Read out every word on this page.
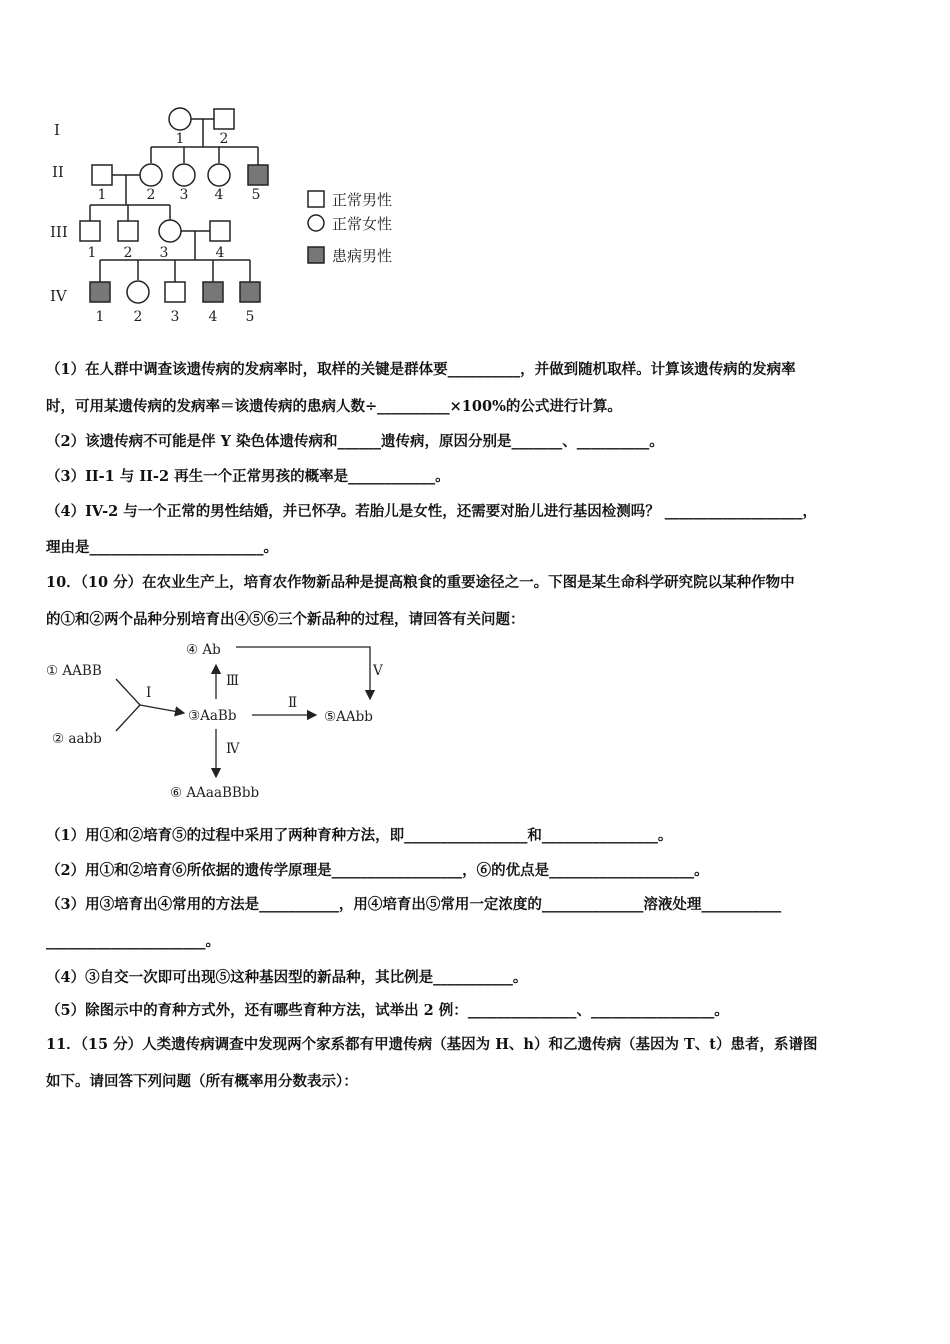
I
II
III
IV
1	2
1	2 3 4 5
1 2 3	4
1 2 3 4 5
正常男性
正常女性
患病男性
（1）在人群中调查该遗传病的发病率时，取样的关键是群体要__________，并做到随机取样。计算该遗传病的发病率
时，可用某遗传病的发病率＝该遗传病的患病人数÷__________×100%的公式进行计算。
（2）该遗传病不可能是伴 Y 染色体遗传病和______遗传病，原因分别是_______、__________。
（3）II-1 与 II-2 再生一个正常男孩的概率是____________。
（4）IV-2 与一个正常的男性结婚，并已怀孕。若胎儿是女性，还需要对胎儿进行基因检测吗？ ___________________，
理由是________________________。
10．（10 分）在农业生产上，培育农作物新品种是提高粮食的重要途径之一。下图是某生命科学研究院以某种作物中
的①和②两个品种分别培育出④⑤⑥三个新品种的过程，请回答有关问题：
① AABB
② aabb
③AaBb
④ Ab
⑤AAbb
⑥ AAaaBBbb
Ⅰ
Ⅱ
Ⅲ
Ⅳ
Ⅴ
（1）用①和②培育⑤的过程中采用了两种育种方法，即_________________和________________。
（2）用①和②培育⑥所依据的遗传学原理是__________________，⑥的优点是____________________。
（3）用③培育出④常用的方法是___________，用④培育出⑤常用一定浓度的______________溶液处理___________
______________________。
（4）③自交一次即可出现⑤这种基因型的新品种，其比例是___________。
（5）除图示中的育种方式外，还有哪些育种方法，试举出 2 例：_______________、_________________。
11．（15 分）人类遗传病调查中发现两个家系都有甲遗传病（基因为 H、h）和乙遗传病（基因为 T、t）患者，系谱图
如下。请回答下列问题（所有概率用分数表示）：
